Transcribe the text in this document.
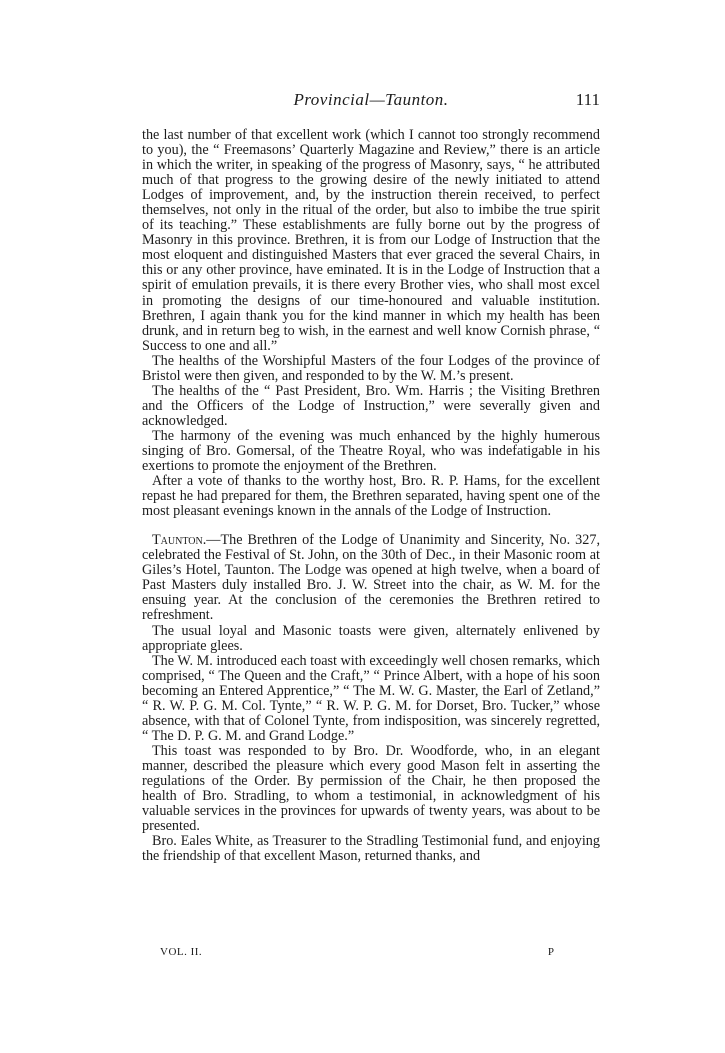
Provincial—Taunton.	111

the last number of that excellent work (which I cannot too strongly recommend to you), the “ Freemasons’ Quarterly Magazine and Review,” there is an article in which the writer, in speaking of the progress of Masonry, says, “ he attributed much of that progress to the growing desire of the newly initiated to attend Lodges of improvement, and, by the instruction therein received, to perfect themselves, not only in the ritual of the order, but also to imbibe the true spirit of its teaching.” These establishments are fully borne out by the progress of Masonry in this province. Brethren, it is from our Lodge of Instruction that the most eloquent and distinguished Masters that ever graced the several Chairs, in this or any other province, have eminated. It is in the Lodge of Instruction that a spirit of emulation prevails, it is there every Brother vies, who shall most excel in promoting the designs of our time-honoured and valuable institution. Brethren, I again thank you for the kind manner in which my health has been drunk, and in return beg to wish, in the earnest and well know Cornish phrase, “ Success to one and all.”

The healths of the Worshipful Masters of the four Lodges of the province of Bristol were then given, and responded to by the W. M.’s present.

The healths of the “ Past President, Bro. Wm. Harris ; the Visiting Brethren and the Officers of the Lodge of Instruction,” were severally given and acknowledged.

The harmony of the evening was much enhanced by the highly humerous singing of Bro. Gomersal, of the Theatre Royal, who was indefatigable in his exertions to promote the enjoyment of the Brethren.

After a vote of thanks to the worthy host, Bro. R. P. Hams, for the excellent repast he had prepared for them, the Brethren separated, having spent one of the most pleasant evenings known in the annals of the Lodge of Instruction.

Taunton.—The Brethren of the Lodge of Unanimity and Sincerity, No. 327, celebrated the Festival of St. John, on the 30th of Dec., in their Masonic room at Giles’s Hotel, Taunton. The Lodge was opened at high twelve, when a board of Past Masters duly installed Bro. J. W. Street into the chair, as W. M. for the ensuing year. At the conclusion of the ceremonies the Brethren retired to refreshment.

The usual loyal and Masonic toasts were given, alternately enlivened by appropriate glees.

The W. M. introduced each toast with exceedingly well chosen remarks, which comprised, “ The Queen and the Craft,” “ Prince Albert, with a hope of his soon becoming an Entered Apprentice,” “ The M. W. G. Master, the Earl of Zetland,” “ R. W. P. G. M. Col. Tynte,” “ R. W. P. G. M. for Dorset, Bro. Tucker,” whose absence, with that of Colonel Tynte, from indisposition, was sincerely regretted, “ The D. P. G. M. and Grand Lodge.”

This toast was responded to by Bro. Dr. Woodforde, who, in an elegant manner, described the pleasure which every good Mason felt in asserting the regulations of the Order. By permission of the Chair, he then proposed the health of Bro. Stradling, to whom a testimonial, in acknowledgment of his valuable services in the provinces for upwards of twenty years, was about to be presented.

Bro. Eales White, as Treasurer to the Stradling Testimonial fund, and enjoying the friendship of that excellent Mason, returned thanks, and

VOL. II.	P
